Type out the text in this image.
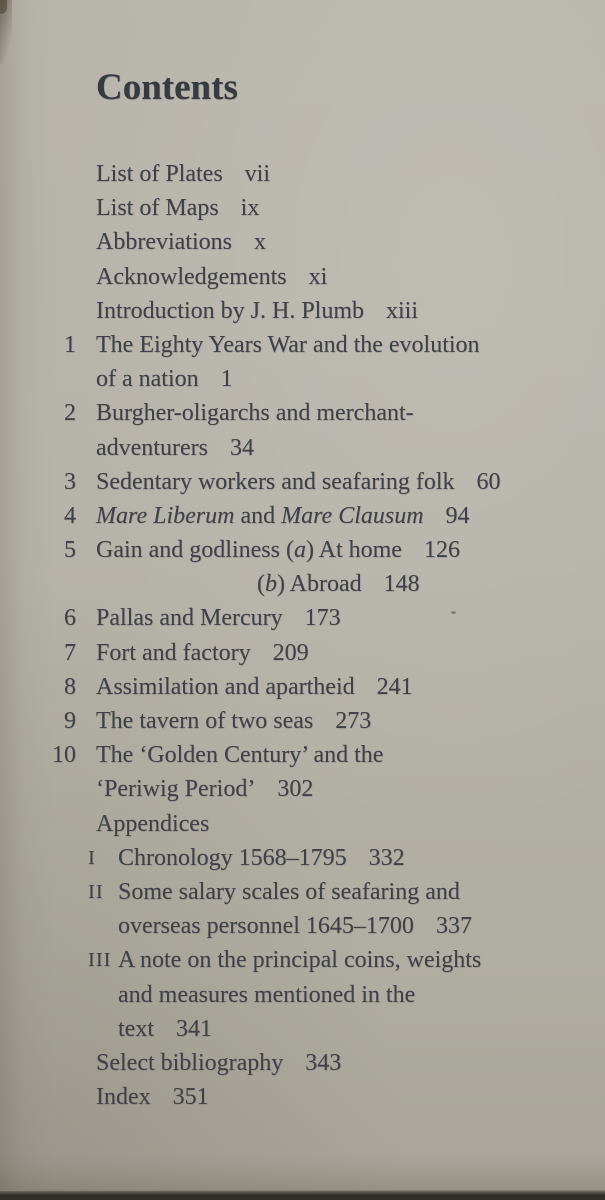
Contents
List of Plates vii
List of Maps ix
Abbreviations x
Acknowledgements xi
Introduction by J. H. Plumb xiii
1 The Eighty Years War and the evolution
of a nation 1
2 Burgher-oligarchs and merchant-
adventurers 34
3 Sedentary workers and seafaring folk 60
4 Mare Liberum and Mare Clausum 94
5 Gain and godliness (a) At home 126
(b) Abroad 148
6 Pallas and Mercury 173
7 Fort and factory 209
8 Assimilation and apartheid 241
9 The tavern of two seas 273
10 The ‘Golden Century’ and the
‘Periwig Period’ 302
Appendices
I Chronology 1568–1795 332
II Some salary scales of seafaring and
overseas personnel 1645–1700 337
III A note on the principal coins, weights
and measures mentioned in the
text 341
Select bibliography 343
Index 351
